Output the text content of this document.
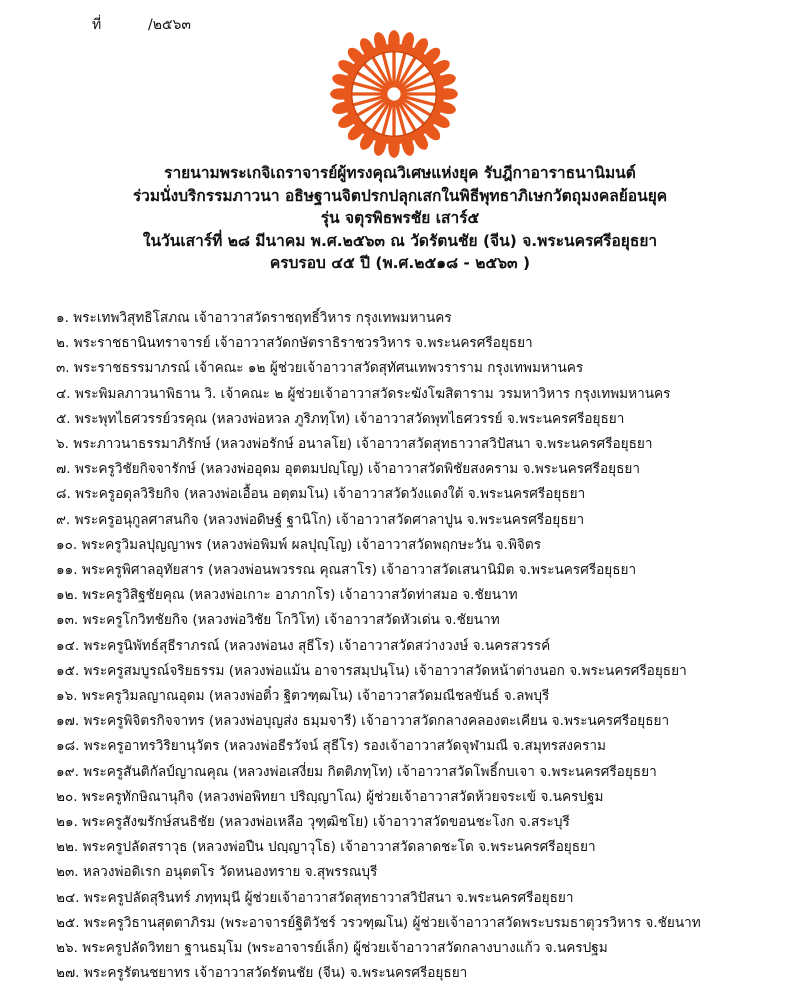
ที่	/๒๕๖๓
รายนามพระเกจิเถราจารย์ผู้ทรงคุณวิเศษแห่งยุค รับฎีกาอาราธนานิมนต์
ร่วมนั่งบริกรรมภาวนา อธิษฐานจิตปรกปลุกเสกในพิธีพุทธาภิเษกวัตถุมงคลย้อนยุค
รุ่น จตุรพิธพรชัย เสาร์๕
ในวันเสาร์ที่ ๒๘ มีนาคม พ.ศ.๒๕๖๓ ณ วัดรัตนชัย (จีน) จ.พระนครศรีอยุธยา
ครบรอบ ๔๕ ปี (พ.ศ.๒๕๑๘ - ๒๕๖๓ )
๑. พระเทพวิสุทธิโสภณ เจ้าอาวาสวัดราชฤทธิ์วิหาร กรุงเทพมหานคร
๒. พระราชธานินทราจารย์ เจ้าอาวาสวัดกษัตราธิราชวรวิหาร จ.พระนครศรีอยุธยา
๓. พระราชธรรมาภรณ์ เจ้าคณะ ๑๒ ผู้ช่วยเจ้าอาวาสวัดสุทัศนเทพวราราม กรุงเทพมหานคร
๔. พระพิมลภาวนาพิธาน วิ. เจ้าคณะ ๒ ผู้ช่วยเจ้าอาวาสวัดระฆังโฆสิตาราม วรมหาวิหาร กรุงเทพมหานคร
๕. พระพุทไธศวรรย์วรคุณ (หลวงพ่อหวล ภูริภทฺโท) เจ้าอาวาสวัดพุทไธศวรรย์ จ.พระนครศรีอยุธยา
๖. พระภาวนาธรรมาภิรักษ์ (หลวงพ่อรักษ์ อนาลโย) เจ้าอาวาสวัดสุทธาวาสวิปัสนา จ.พระนครศรีอยุธยา
๗. พระครูวิชัยกิจจารักษ์ (หลวงพ่ออุดม อุตตมปญฺโญ) เจ้าอาวาสวัดพิชัยสงคราม จ.พระนครศรีอยุธยา
๘. พระครูอดุลวิริยกิจ (หลวงพ่อเอื้อน อตฺตมโน) เจ้าอาวาสวัดวังแดงใต้ จ.พระนครศรีอยุธยา
๙. พระครูอนุกูลศาสนกิจ (หลวงพ่อดิษฐ์ ฐานิโก) เจ้าอาวาสวัดศาลาปูน จ.พระนครศรีอยุธยา
๑๐. พระครูวิมลปุญญาพร (หลวงพ่อพิมพ์ ผลปุญฺโญ) เจ้าอาวาสวัดพฤกษะวัน จ.พิจิตร
๑๑. พระครูพิศาลอุทัยสาร (หลวงพ่อนพวรรณ คุณสาโร) เจ้าอาวาสวัดเสนานิมิต จ.พระนครศรีอยุธยา
๑๒. พระครูวิสิฐชัยคุณ (หลวงพ่อเกาะ อาภากโร) เจ้าอาวาสวัดท่าสมอ จ.ชัยนาท
๑๓. พระครูโกวิทชัยกิจ (หลวงพ่อวิชัย โกวิโท) เจ้าอาวาสวัดหัวเด่น จ.ชัยนาท
๑๔. พระครูนิพัทธ์สุธีราภรณ์ (หลวงพ่อนง สุธีโร) เจ้าอาวาสวัดสว่างวงษ์ จ.นครสวรรค์
๑๕. พระครูสมบูรณ์จริยธรรม (หลวงพ่อแม้น อาจารสมฺปนฺโน) เจ้าอาวาสวัดหน้าต่างนอก จ.พระนครศรีอยุธยา
๑๖. พระครูวิมลญาณอุดม (หลวงพ่อติ๋ว ฐิตวฑฺฒโน) เจ้าอาวาสวัดมณีชลขันธ์ จ.ลพบุรี
๑๗. พระครูพิจิตรกิจจาทร (หลวงพ่อบุญส่ง ธมฺมจารี) เจ้าอาวาสวัดกลางคลองตะเคียน จ.พระนครศรีอยุธยา
๑๘. พระครูอาทรวิริยานุวัตร (หลวงพ่อธีรวัจน์ สุธีโร) รองเจ้าอาวาสวัดจุฬามณี จ.สมุทรสงคราม
๑๙. พระครูสันติกัลป์ญาณคุณ (หลวงพ่อเสงี่ยม กิตติภทฺโท) เจ้าอาวาสวัดโพธิ์กบเจา จ.พระนครศรีอยุธยา
๒๐. พระครูทักษิณานุกิจ (หลวงพ่อพิทยา ปริญฺญาโณ) ผู้ช่วยเจ้าอาวาสวัดห้วยจระเข้ จ.นครปฐม
๒๑. พระครูสังฆรักษ์สนธิชัย (หลวงพ่อเหลือ วุฑฺฒิชโย) เจ้าอาวาสวัดขอนชะโงก จ.สระบุรี
๒๒. พระครูปลัดสราวุธ (หลวงพ่อปืน ปญฺญาวุโธ) เจ้าอาวาสวัดลาดชะโด จ.พระนครศรีอยุธยา
๒๓. หลวงพ่อดิเรก อนุตตโร วัดหนองทราย จ.สุพรรณบุรี
๒๔. พระครูปลัดสุรินทร์ ภทฺทมุนี ผู้ช่วยเจ้าอาวาสวัดสุทธาวาสวิปัสนา จ.พระนครศรีอยุธยา
๒๕. พระครูวิธานสุตตาภิรม (พระอาจารย์ฐิติวัชร์ วรวฑฺฒโน) ผู้ช่วยเจ้าอาวาสวัดพระบรมธาตุวรวิหาร จ.ชัยนาท
๒๖. พระครูปลัดวิทยา ฐานธมฺโม (พระอาจารย์เล็ก) ผู้ช่วยเจ้าอาวาสวัดกลางบางแก้ว จ.นครปฐม
๒๗. พระครูรัตนชยาทร เจ้าอาวาสวัดรัตนชัย (จีน) จ.พระนครศรีอยุธยา
